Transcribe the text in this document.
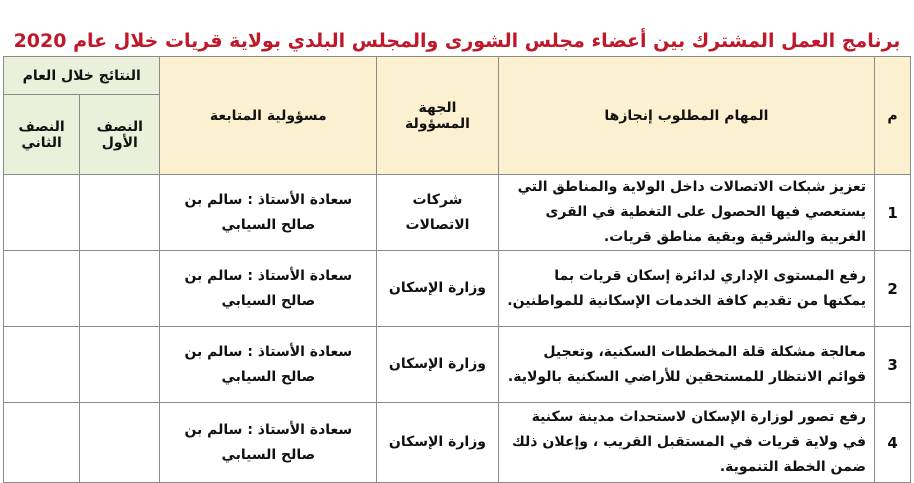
برنامج العمل المشترك بين أعضاء مجلس الشورى والمجلس البلدي بولاية قريات خلال عام 2020
م	المهام المطلوب إنجازها	الجهة المسؤولة	مسؤولية المتابعة	النتائج خلال العام	
				النصف الأول	النصف الثاني
1	تعزيز شبكات الاتصالات داخل الولاية والمناطق التي يستعصي فيها الحصول على التغطية في القرى الغربية والشرقية وبقية مناطق قريات.	شركات الاتصالات	سعادة الأستاذ : سالم بن صالح السيابي		
2	رفع المستوى الإداري لدائرة إسكان قريات بما يمكنها من تقديم كافة الخدمات الإسكانية للمواطنين.	وزارة الإسكان	سعادة الأستاذ : سالم بن صالح السيابي		
3	معالجة مشكلة قلة المخططات السكنية، وتعجيل قوائم الانتظار للمستحقين للأراضي السكنية بالولاية.	وزارة الإسكان	سعادة الأستاذ : سالم بن صالح السيابي		
4	رفع تصور لوزارة الإسكان لاستحداث مدينة سكنية في ولاية قريات في المستقبل القريب ، وإعلان ذلك ضمن الخطة التنموية.	وزارة الإسكان	سعادة الأستاذ : سالم بن صالح السيابي		
